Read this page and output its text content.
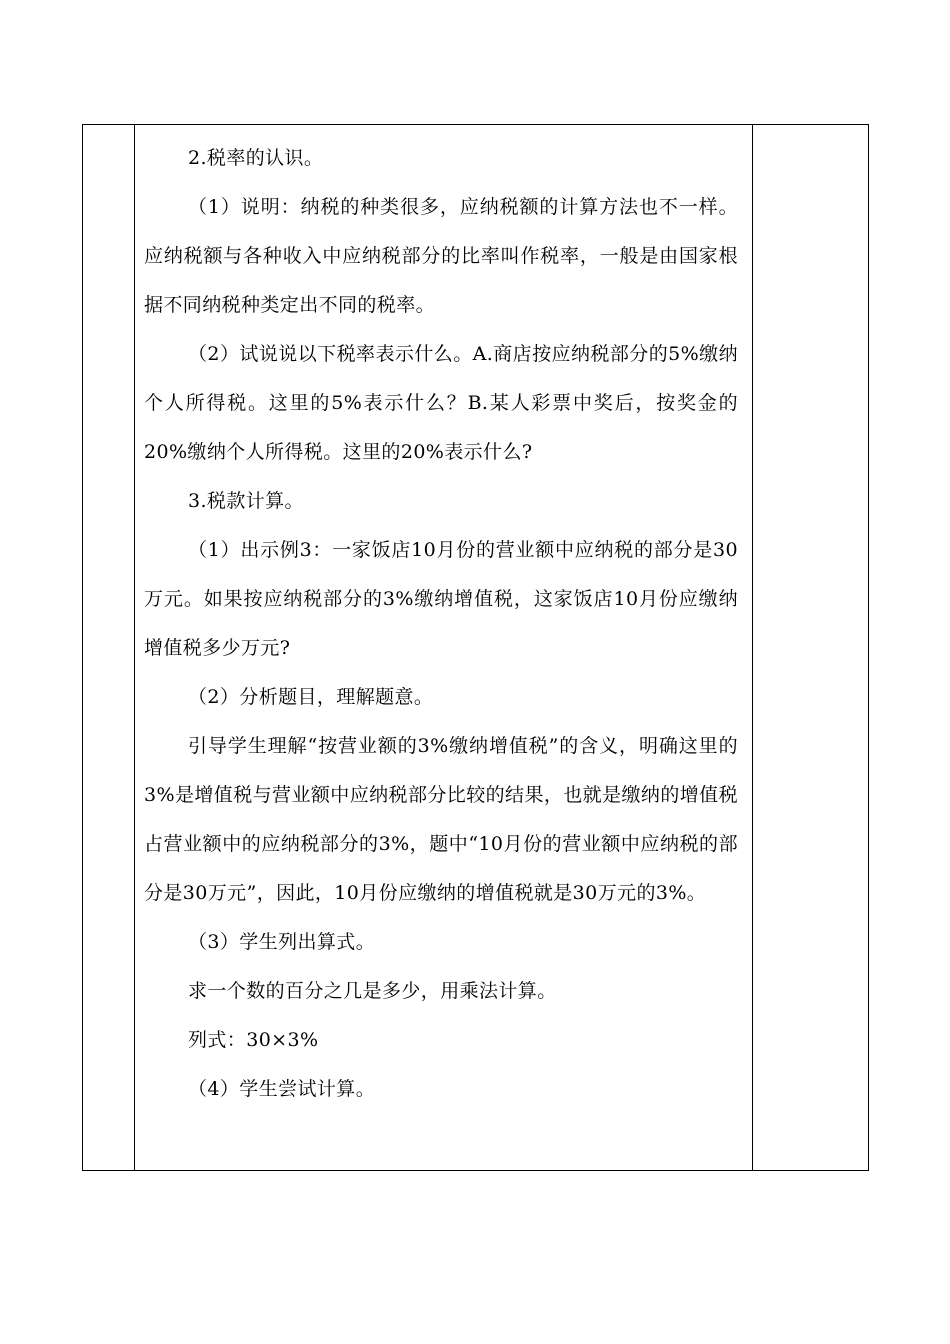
2.税率的认识。

（1）说明：纳税的种类很多，应纳税额的计算方法也不一样。应纳税额与各种收入中应纳税部分的比率叫作税率，一般是由国家根据不同纳税种类定出不同的税率。

（2）试说说以下税率表示什么。A.商店按应纳税部分的5%缴纳个人所得税。这里的5%表示什么？B.某人彩票中奖后，按奖金的20%缴纳个人所得税。这里的20%表示什么?

3.税款计算。

（1）出示例3：一家饭店10月份的营业额中应纳税的部分是30万元。如果按应纳税部分的3%缴纳增值税，这家饭店10月份应缴纳增值税多少万元?

（2）分析题目，理解题意。

引导学生理解“按营业额的3%缴纳增值税”的含义，明确这里的3%是增值税与营业额中应纳税部分比较的结果，也就是缴纳的增值税占营业额中的应纳税部分的3%，题中“10月份的营业额中应纳税的部分是30万元”，因此，10月份应缴纳的增值税就是30万元的3%。

（3）学生列出算式。

求一个数的百分之几是多少，用乘法计算。

列式：30×3%

（4）学生尝试计算。
